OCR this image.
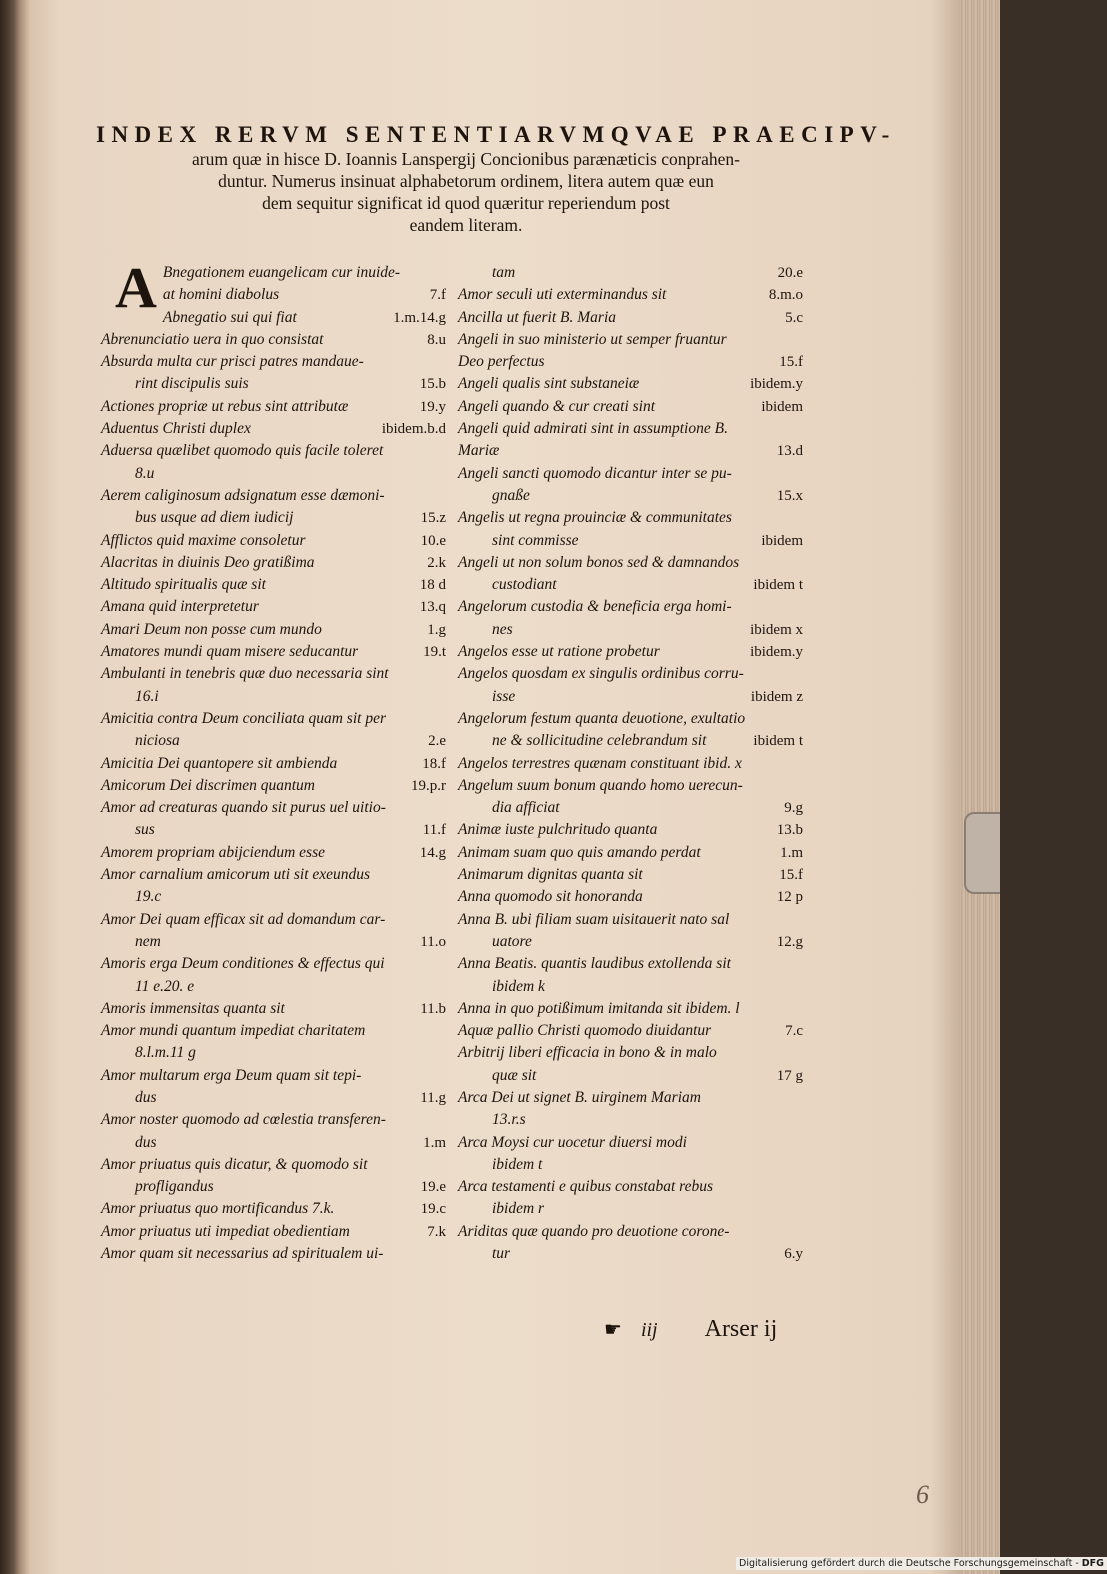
INDEX RERVM SENTENTIARVMQVAE PRAECIPV-
arum quæ in hisce D. Ioannis Lanspergij Concionibus parænæticis conprahen-
duntur. Numerus insinuat alphabetorum ordinem, litera autem quæ eun
dem sequitur significat id quod quæritur reperiendum post
eandem literam.
A Bnegationem euangelicam cur inuide-
at homini diabolus	7.f
Abnegatio sui qui fiat	1.m.14.g
Abrenunciatio uera in quo consistat	8.u
Absurda multa cur prisci patres mandaue-
rint discipulis suis	15.b
Actiones propriæ ut rebus sint attributæ	19.y
Aduentus Christi duplex	ibidem.b.d
Aduersa quælibet quomodo quis facile toleret
8.u
Aerem caliginosum adsignatum esse dæmoni-
bus usque ad diem iudicij	15.z
Afflictos quid maxime consoletur	10.e
Alacritas in diuinis Deo gratißima	2.k
Altitudo spiritualis quæ sit	18 d
Amana quid interpretetur	13.q
Amari Deum non posse cum mundo	1.g
Amatores mundi quam misere seducantur	19.t
Ambulanti in tenebris quæ duo necessaria sint
16.i
Amicitia contra Deum conciliata quam sit per
niciosa	2.e
Amicitia Dei quantopere sit ambienda	18.f
Amicorum Dei discrimen quantum	19.p.r
Amor ad creaturas quando sit purus uel uitio-
sus	11.f
Amorem propriam abijciendum esse	14.g
Amor carnalium amicorum uti sit exeundus
19.c
Amor Dei quam efficax sit ad domandum car-
nem	11.o
Amoris erga Deum conditiones & effectus qui
11 e.20. e
Amoris immensitas quanta sit	11.b
Amor mundi quantum impediat charitatem
8.l.m.11 g
Amor multarum erga Deum quam sit tepi-
dus	11.g
Amor noster quomodo ad cœlestia transferen-
dus	1.m
Amor priuatus quis dicatur, & quomodo sit
profligandus	19.e
Amor priuatus quo mortificandus 7.k.	19.c
Amor priuatus uti impediat obedientiam	7.k
Amor quam sit necessarius ad spiritualem ui-
tam	20.e
Amor seculi uti exterminandus sit	8.m.o
Ancilla ut fuerit B. Maria	5.c
Angeli in suo ministerio ut semper fruantur
Deo perfectus	15.f
Angeli qualis sint substaneiæ	ibidem.y
Angeli quando & cur creati sint	ibidem
Angeli quid admirati sint in assumptione B.
Mariæ	13.d
Angeli sancti quomodo dicantur inter se pu-
gnaße	15.x
Angelis ut regna prouinciæ & communitates
sint commisse	ibidem
Angeli ut non solum bonos sed & damnandos
custodiant	ibidem t
Angelorum custodia & beneficia erga homi-
nes	ibidem x
Angelos esse ut ratione probetur	ibidem.y
Angelos quosdam ex singulis ordinibus corru-
isse	ibidem z
Angelorum festum quanta deuotione, exultatio
ne & sollicitudine celebrandum sit	ibidem t
Angelos terrestres quænam constituant ibid. x
Angelum suum bonum quando homo uerecun-
dia afficiat	9.g
Animæ iuste pulchritudo quanta	13.b
Animam suam quo quis amando perdat	1.m
Animarum dignitas quanta sit	15.f
Anna quomodo sit honoranda	12 p
Anna B. ubi filiam suam uisitauerit nato sal
uatore	12.g
Anna Beatis. quantis laudibus extollenda sit
ibidem k
Anna in quo potißimum imitanda sit ibidem. l
Aquæ pallio Christi quomodo diuidantur	7.c
Arbitrij liberi efficacia in bono & in malo
quæ sit	17 g
Arca Dei ut signet B. uirginem Mariam
13.r.s
Arca Moysi cur uocetur diuersi modi
ibidem t
Arca testamenti e quibus constabat rebus
ibidem r
Ariditas quæ quando pro deuotione corone-
tur	6.y
☛ iij Arser ij
6
Digitalisierung gefördert durch die Deutsche Forschungsgemeinschaft - DFG
